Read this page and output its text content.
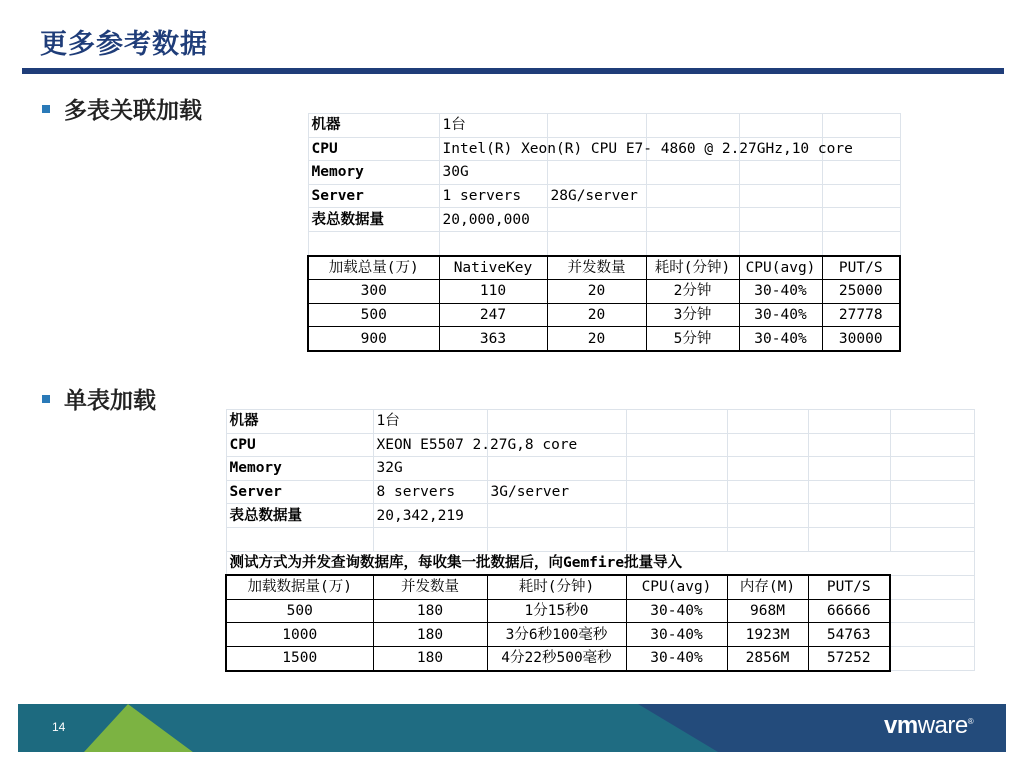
更多参考数据
多表关联加载
机器	1台				
CPU	Intel(R) Xeon(R) CPU E7- 4860 @ 2.27GHz,10 core				
Memory	30G				
Server	1 servers	28G/server			
表总数据量	20,000,000				

加载总量(万)	NativeKey	并发数量	耗时(分钟)	CPU(avg)	PUT/S
300	110	20	2分钟	30-40%	25000
500	247	20	3分钟	30-40%	27778
900	363	20	5分钟	30-40%	30000
单表加载
机器	1台					
CPU	XEON E5507 2.27G,8 core					
Memory	32G					
Server	8 servers	3G/server				
表总数据量	20,342,219					

测试方式为并发查询数据库，每收集一批数据后，向Gemfire批量导入						
加载数据量(万)	并发数量	耗时(分钟)	CPU(avg)	内存(M)	PUT/S	
500	180	1分15秒0	30-40%	968M	66666	
1000	180	3分6秒100毫秒	30-40%	1923M	54763	
1500	180	4分22秒500毫秒	30-40%	2856M	57252	
14	vmware®
